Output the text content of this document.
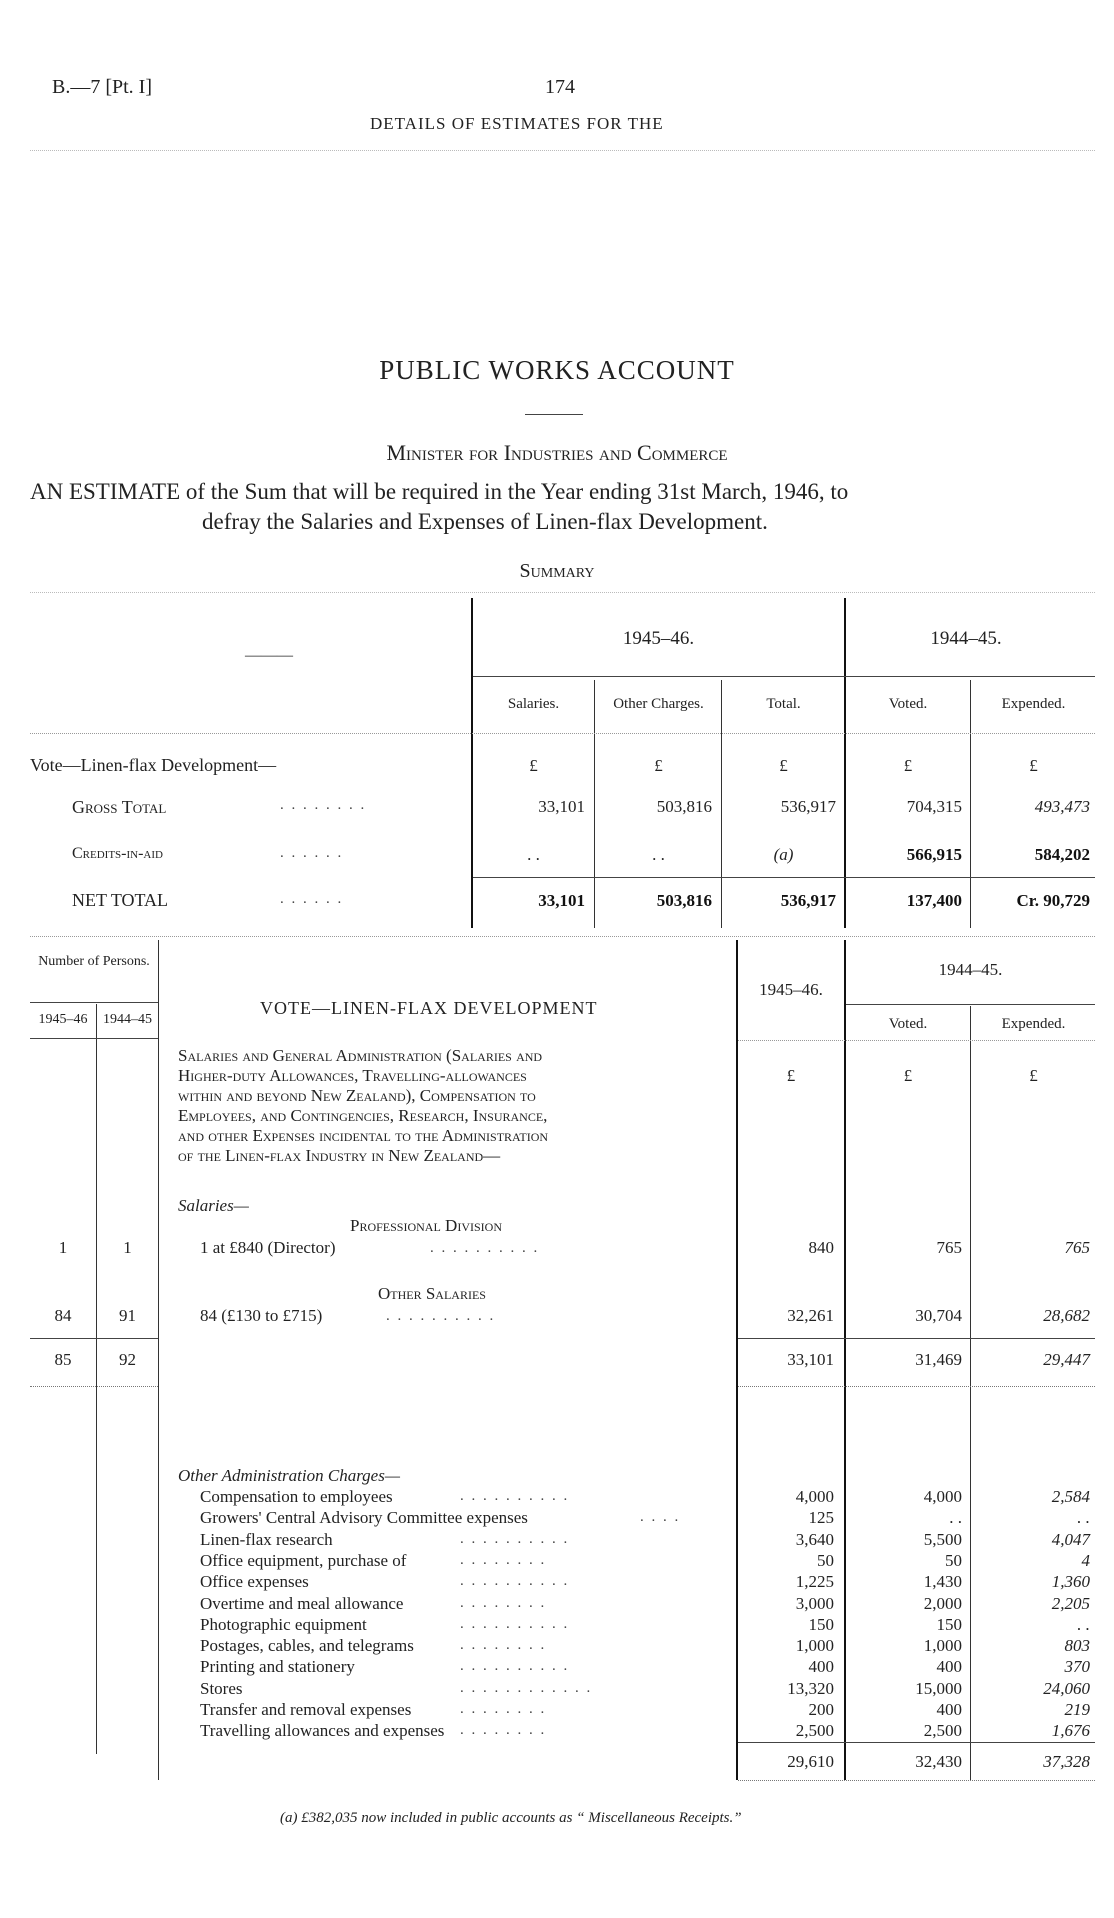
B.—7 [Pt. I]	174
DETAILS OF ESTIMATES FOR THE
PUBLIC WORKS ACCOUNT
Minister for Industries and Commerce
AN ESTIMATE of the Sum that will be required in the Year ending 31st March, 1946, to
defray the Salaries and Expenses of Linen-flax Development.
Summary
———
1945–46.	1944–45.
Salaries.	Other Charges.	Total.	Voted.	Expended.
Vote—Linen-flax Development—	£	£	£	£	£
Gross Total	. . . . . . . .	33,101	503,816	536,917	704,315	493,473
Credits-in-aid	. . . . . .	. .	. .	(a)	566,915	584,202
NET TOTAL	. . . . . .	33,101	503,816	536,917	137,400	Cr. 90,729
Number of Persons.
1945–46	1944–45
VOTE—LINEN-FLAX DEVELOPMENT
1945–46.
1944–45.
Voted.	Expended.
Salaries and General Administration (Salaries and
Higher-duty Allowances, Travelling-allowances
within and beyond New Zealand), Compensation to
Employees, and Contingencies, Research, Insurance,
and other Expenses incidental to the Administration
of the Linen-flax Industry in New Zealand—
£	£	£
Salaries—
Professional Division
1	1	1 at £840 (Director)	. . . . . . . . . .	840	765	765
Other Salaries
84	91	84 (£130 to £715)	. . . . . . . . . .	32,261	30,704	28,682
85	92	33,101	31,469	29,447
Other Administration Charges—
Compensation to employees	. . . . . . . . . .	4,000	4,000	2,584
Growers' Central Advisory Committee expenses	. . . .	125	. .	. .
Linen-flax research	. . . . . . . . . .	3,640	5,500	4,047
Office equipment, purchase of	. . . . . . . .	50	50	4
Office expenses	. . . . . . . . . .	1,225	1,430	1,360
Overtime and meal allowance	. . . . . . . .	3,000	2,000	2,205
Photographic equipment	. . . . . . . . . .	150	150	. .
Postages, cables, and telegrams	. . . . . . . .	1,000	1,000	803
Printing and stationery	. . . . . . . . . .	400	400	370
Stores	. . . . . . . . . . . .	13,320	15,000	24,060
Transfer and removal expenses	. . . . . . . .	200	400	219
Travelling allowances and expenses . . . . . . . .	2,500	2,500	1,676
29,610	32,430	37,328
(a) £382,035 now included in public accounts as “ Miscellaneous Receipts.”
